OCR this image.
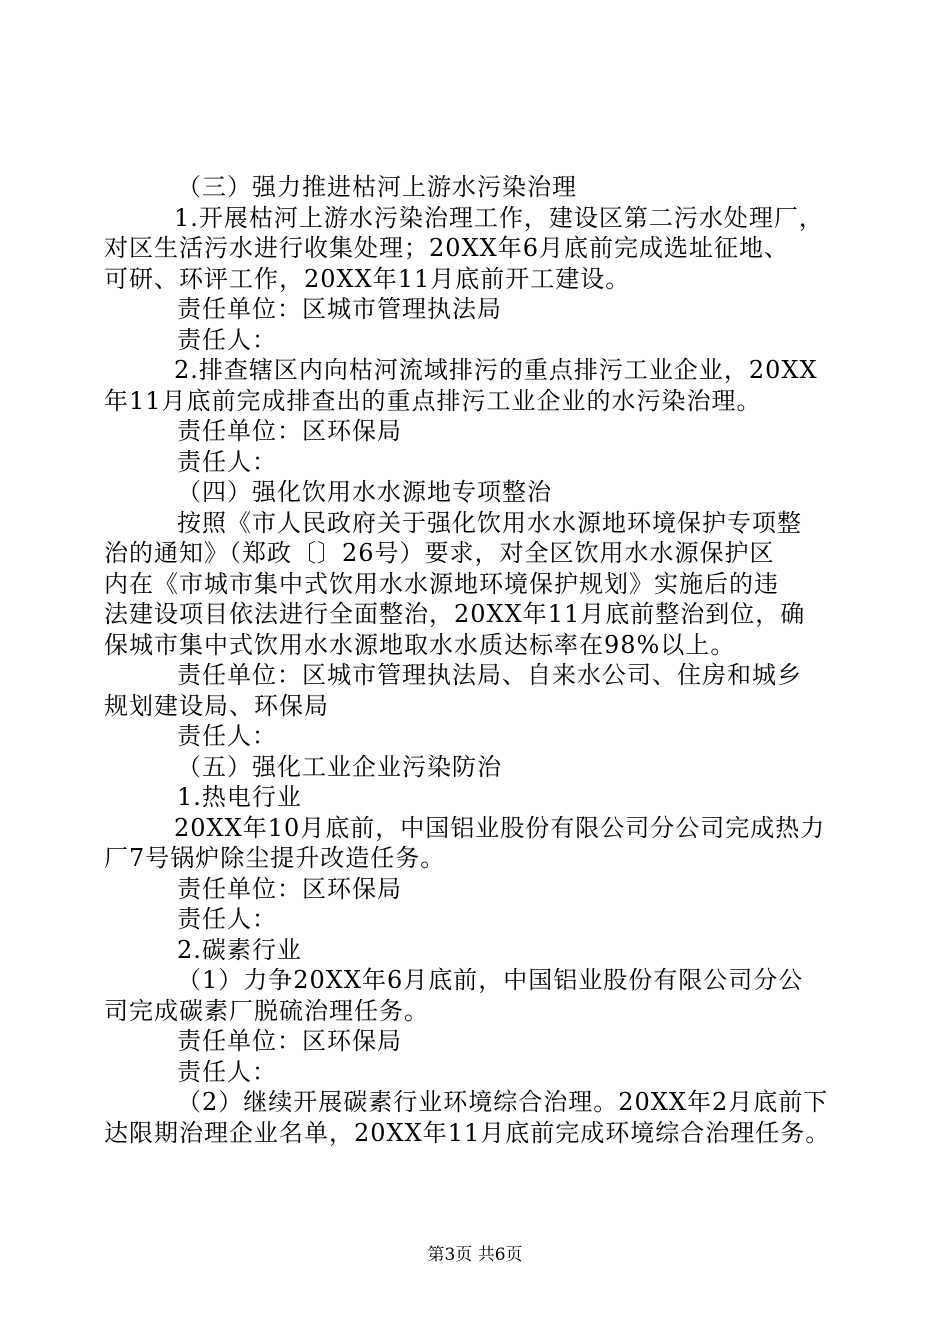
（三）强力推进枯河上游水污染治理
1.开展枯河上游水污染治理工作，建设区第二污水处理厂，
对区生活污水进行收集处理；20XX年6月底前完成选址征地、
可研、环评工作，20XX年11月底前开工建设。
责任单位：区城市管理执法局
责任人：
2.排查辖区内向枯河流域排污的重点排污工业企业，20XX
年11月底前完成排查出的重点排污工业企业的水污染治理。
责任单位：区环保局
责任人：
（四）强化饮用水水源地专项整治
按照《市人民政府关于强化饮用水水源地环境保护专项整
治的通知》（郑政〔〕26号）要求，对全区饮用水水源保护区
内在《市城市集中式饮用水水源地环境保护规划》实施后的违
法建设项目依法进行全面整治，20XX年11月底前整治到位，确
保城市集中式饮用水水源地取水水质达标率在98%以上。
责任单位：区城市管理执法局、自来水公司、住房和城乡
规划建设局、环保局
责任人：
（五）强化工业企业污染防治
1.热电行业
20XX年10月底前，中国铝业股份有限公司分公司完成热力
厂7号锅炉除尘提升改造任务。
责任单位：区环保局
责任人：
2.碳素行业
（1）力争20XX年6月底前，中国铝业股份有限公司分公
司完成碳素厂脱硫治理任务。
责任单位：区环保局
责任人：
（2）继续开展碳素行业环境综合治理。20XX年2月底前下
达限期治理企业名单，20XX年11月底前完成环境综合治理任务。
第3页 共6页
